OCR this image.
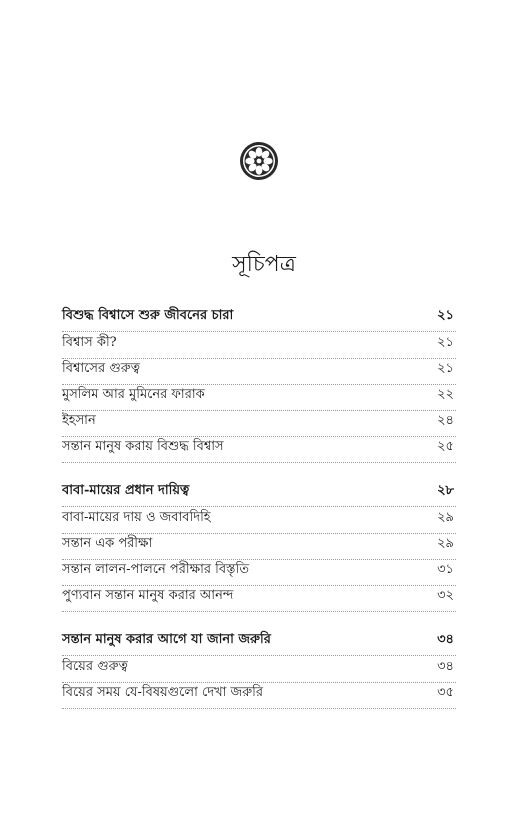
সূচিপত্র
বিশুদ্ধ বিশ্বাসে শুরু জীবনের চারা	২১
বিশ্বাস কী?	২১
বিশ্বাসের গুরুত্ব	২১
মুসলিম আর মুমিনের ফারাক	২২
ইহসান	২৪
সন্তান মানুষ করায় বিশুদ্ধ বিশ্বাস	২৫
বাবা-মায়ের প্রধান দায়িত্ব	২৮
বাবা-মায়ের দায় ও জবাবদিহি	২৯
সন্তান এক পরীক্ষা	২৯
সন্তান লালন-পালনে পরীক্ষার বিস্তৃতি	৩১
পুণ্যবান সন্তান মানুষ করার আনন্দ	৩২
সন্তান মানুষ করার আগে যা জানা জরুরি	৩৪
বিয়ের গুরুত্ব	৩৪
বিয়ের সময় যে-বিষয়গুলো দেখা জরুরি	৩৫
